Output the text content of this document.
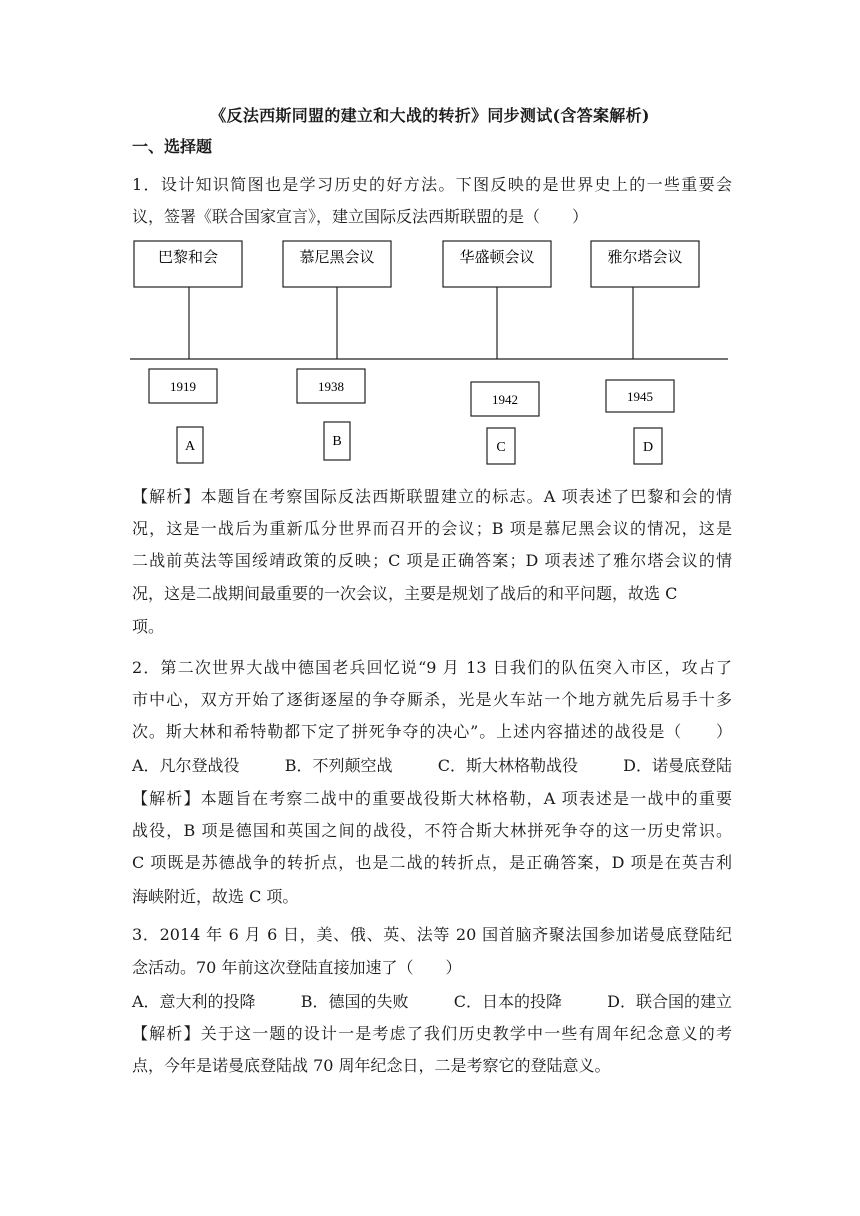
《反法西斯同盟的建立和大战的转折》同步测试(含答案解析)
一、选择题
1．设计知识简图也是学习历史的好方法。下图反映的是世界史上的一些重要会
议，签署《联合国家宣言》，建立国际反法西斯联盟的是（　　）
巴黎和会	慕尼黑会议	华盛顿会议	雅尔塔会议
1919	1938
1942	1945
A	B	C	D
【解析】本题旨在考察国际反法西斯联盟建立的标志。A 项表述了巴黎和会的情
况，这是一战后为重新瓜分世界而召开的会议；B 项是慕尼黑会议的情况，这是
二战前英法等国绥靖政策的反映；C 项是正确答案；D 项表述了雅尔塔会议的情
况，这是二战期间最重要的一次会议，主要是规划了战后的和平问题，故选 C
项。
2．第二次世界大战中德国老兵回忆说“9 月 13 日我们的队伍突入市区，攻占了
市中心，双方开始了逐街逐屋的争夺厮杀，光是火车站一个地方就先后易手十多
次。斯大林和希特勒都下定了拼死争夺的决心”。上述内容描述的战役是（　　）
A．凡尔登战役	B．不列颠空战	C．斯大林格勒战役	D．诺曼底登陆
【解析】本题旨在考察二战中的重要战役斯大林格勒，A 项表述是一战中的重要
战役，B 项是德国和英国之间的战役，不符合斯大林拼死争夺的这一历史常识。
C 项既是苏德战争的转折点，也是二战的转折点，是正确答案，D 项是在英吉利
海峡附近，故选 C 项。
3．2014 年 6 月 6 日，美、俄、英、法等 20 国首脑齐聚法国参加诺曼底登陆纪
念活动。70 年前这次登陆直接加速了（　　）
A．意大利的投降	B．德国的失败	C．日本的投降	D．联合国的建立
【解析】关于这一题的设计一是考虑了我们历史教学中一些有周年纪念意义的考
点，今年是诺曼底登陆战 70 周年纪念日，二是考察它的登陆意义。
